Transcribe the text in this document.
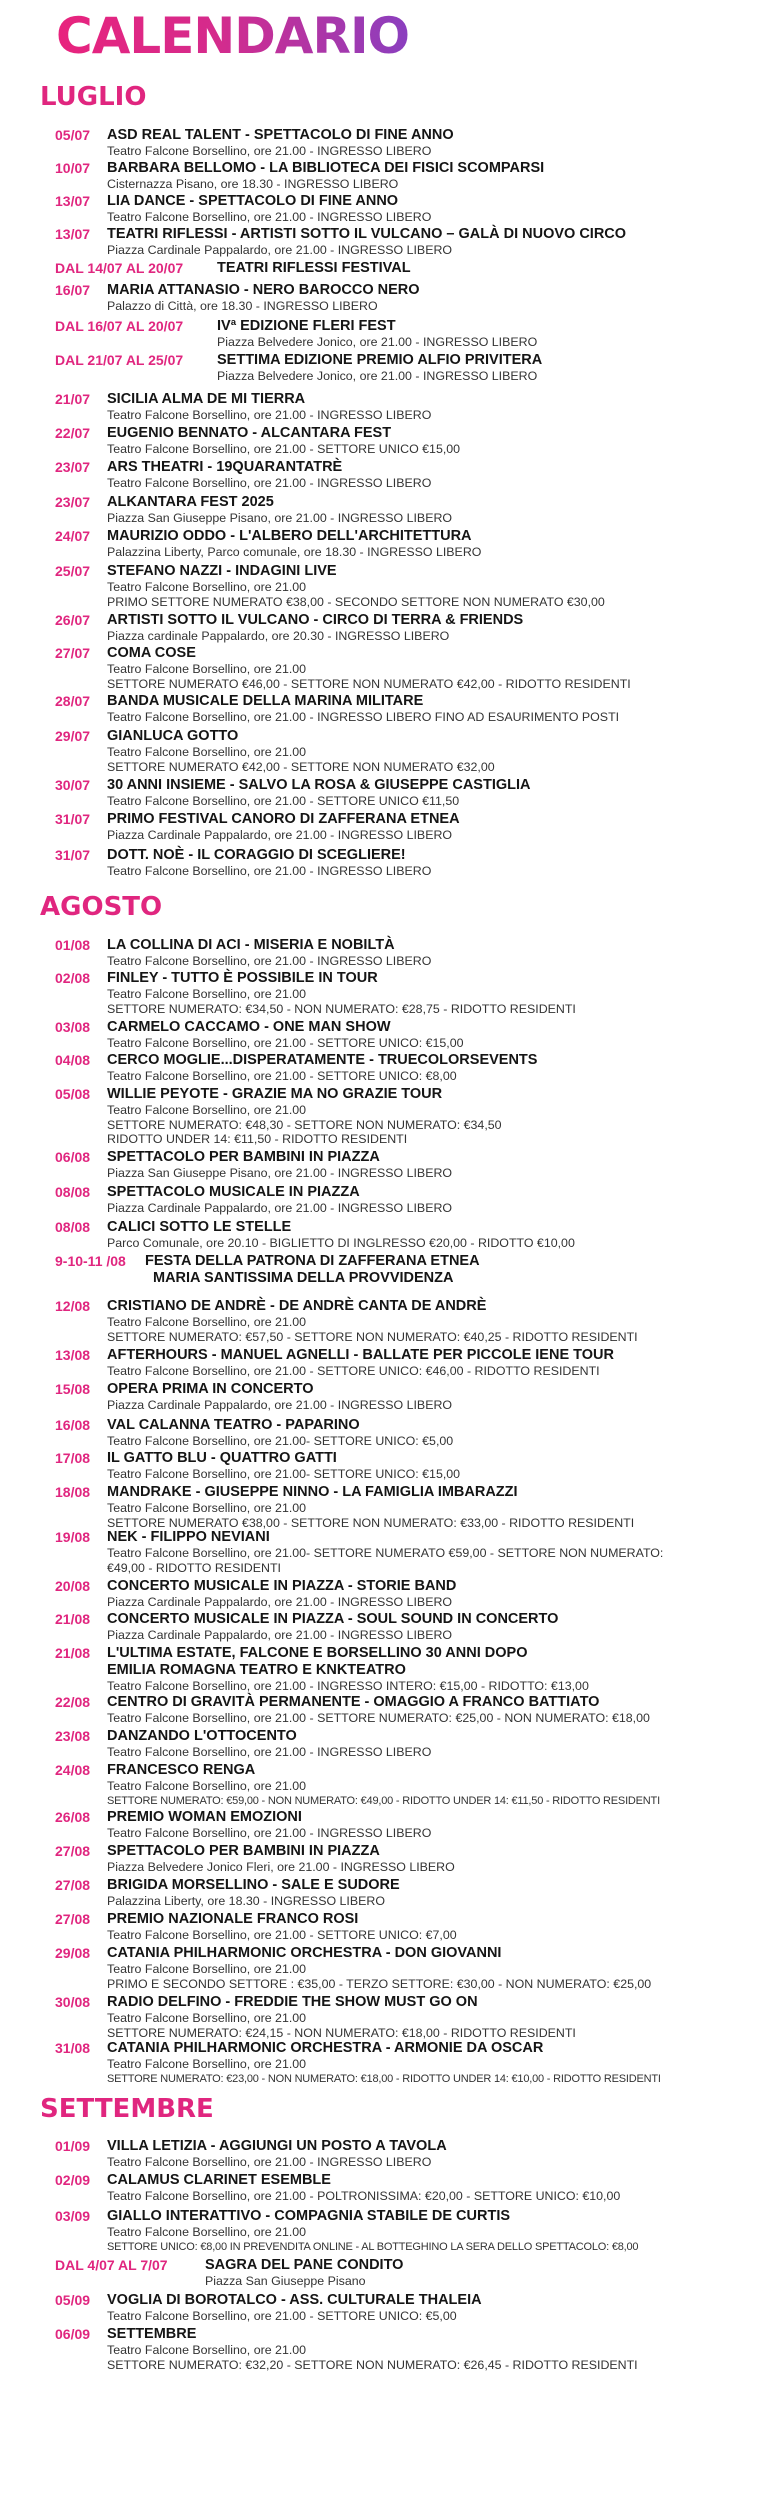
CALENDARIO
LUGLIO
05/07 ASD REAL TALENT - SPETTACOLO DI FINE ANNO
Teatro Falcone Borsellino, ore 21.00 - INGRESSO LIBERO
10/07 BARBARA BELLOMO - LA BIBLIOTECA DEI FISICI SCOMPARSI
Cisternazza Pisano, ore 18.30 - INGRESSO LIBERO
13/07 LIA DANCE - SPETTACOLO DI FINE ANNO
Teatro Falcone Borsellino, ore 21.00 - INGRESSO LIBERO
13/07 TEATRI RIFLESSI - ARTISTI SOTTO IL VULCANO – GALÀ DI NUOVO CIRCO
Piazza Cardinale Pappalardo, ore 21.00 - INGRESSO LIBERO
DAL 14/07 AL 20/07 TEATRI RIFLESSI FESTIVAL
16/07 MARIA ATTANASIO - NERO BAROCCO NERO
Palazzo di Città, ore 18.30 - INGRESSO LIBERO
DAL 16/07 AL 20/07 IVª EDIZIONE FLERI FEST
Piazza Belvedere Jonico, ore 21.00 - INGRESSO LIBERO
DAL 21/07 AL 25/07 SETTIMA EDIZIONE PREMIO ALFIO PRIVITERA
Piazza Belvedere Jonico, ore 21.00 - INGRESSO LIBERO
21/07 SICILIA ALMA DE MI TIERRA
Teatro Falcone Borsellino, ore 21.00 - INGRESSO LIBERO
22/07 EUGENIO BENNATO - ALCANTARA FEST
Teatro Falcone Borsellino, ore 21.00 - SETTORE UNICO €15,00
23/07 ARS THEATRI - 19QUARANTATRÈ
Teatro Falcone Borsellino, ore 21.00 - INGRESSO LIBERO
23/07 ALKANTARA FEST 2025
Piazza San Giuseppe Pisano, ore 21.00 - INGRESSO LIBERO
24/07 MAURIZIO ODDO - L'ALBERO DELL'ARCHITETTURA
Palazzina Liberty, Parco comunale, ore 18.30 - INGRESSO LIBERO
25/07 STEFANO NAZZI - INDAGINI LIVE
Teatro Falcone Borsellino, ore 21.00
PRIMO SETTORE NUMERATO €38,00 - SECONDO SETTORE NON NUMERATO €30,00
26/07 ARTISTI SOTTO IL VULCANO - CIRCO DI TERRA & FRIENDS
Piazza cardinale Pappalardo, ore 20.30 - INGRESSO LIBERO
27/07 COMA COSE
Teatro Falcone Borsellino, ore 21.00
SETTORE NUMERATO €46,00 - SETTORE NON NUMERATO €42,00 - RIDOTTO RESIDENTI
28/07 BANDA MUSICALE DELLA MARINA MILITARE
Teatro Falcone Borsellino, ore 21.00 - INGRESSO LIBERO FINO AD ESAURIMENTO POSTI
29/07 GIANLUCA GOTTO
Teatro Falcone Borsellino, ore 21.00
SETTORE NUMERATO €42,00 - SETTORE NON NUMERATO €32,00
30/07 30 ANNI INSIEME - SALVO LA ROSA & GIUSEPPE CASTIGLIA
Teatro Falcone Borsellino, ore 21.00 - SETTORE UNICO €11,50
31/07 PRIMO FESTIVAL CANORO DI ZAFFERANA ETNEA
Piazza Cardinale Pappalardo, ore 21.00 - INGRESSO LIBERO
31/07 DOTT. NOÈ - IL CORAGGIO DI SCEGLIERE!
Teatro Falcone Borsellino, ore 21.00 - INGRESSO LIBERO
AGOSTO
01/08 LA COLLINA DI ACI - MISERIA E NOBILTÀ
Teatro Falcone Borsellino, ore 21.00 - INGRESSO LIBERO
02/08 FINLEY - TUTTO È POSSIBILE IN TOUR
Teatro Falcone Borsellino, ore 21.00
SETTORE NUMERATO: €34,50 - NON NUMERATO: €28,75 - RIDOTTO RESIDENTI
03/08 CARMELO CACCAMO - ONE MAN SHOW
Teatro Falcone Borsellino, ore 21.00 - SETTORE UNICO: €15,00
04/08 CERCO MOGLIE...DISPERATAMENTE - TRUECOLORSEVENTS
Teatro Falcone Borsellino, ore 21.00 - SETTORE UNICO: €8,00
05/08 WILLIE PEYOTE - GRAZIE MA NO GRAZIE TOUR
Teatro Falcone Borsellino, ore 21.00
SETTORE NUMERATO: €48,30 - SETTORE NON NUMERATO: €34,50
RIDOTTO UNDER 14: €11,50 - RIDOTTO RESIDENTI
06/08 SPETTACOLO PER BAMBINI IN PIAZZA
Piazza San Giuseppe Pisano, ore 21.00 - INGRESSO LIBERO
08/08 SPETTACOLO MUSICALE IN PIAZZA
Piazza Cardinale Pappalardo, ore 21.00 - INGRESSO LIBERO
08/08 CALICI SOTTO LE STELLE
Parco Comunale, ore 20.10 - BIGLIETTO DI INGLRESSO €20,00 - RIDOTTO €10,00
9-10-11 /08 FESTA DELLA PATRONA DI ZAFFERANA ETNEA
MARIA SANTISSIMA DELLA PROVVIDENZA
12/08 CRISTIANO DE ANDRÈ - DE ANDRÈ CANTA DE ANDRÈ
Teatro Falcone Borsellino, ore 21.00
SETTORE NUMERATO: €57,50 - SETTORE NON NUMERATO: €40,25 - RIDOTTO RESIDENTI
13/08 AFTERHOURS - MANUEL AGNELLI - BALLATE PER PICCOLE IENE TOUR
Teatro Falcone Borsellino, ore 21.00 - SETTORE UNICO: €46,00 - RIDOTTO RESIDENTI
15/08 OPERA PRIMA IN CONCERTO
Piazza Cardinale Pappalardo, ore 21.00 - INGRESSO LIBERO
16/08 VAL CALANNA TEATRO - PAPARINO
Teatro Falcone Borsellino, ore 21.00- SETTORE UNICO: €5,00
17/08 IL GATTO BLU - QUATTRO GATTI
Teatro Falcone Borsellino, ore 21.00- SETTORE UNICO: €15,00
18/08 MANDRAKE - GIUSEPPE NINNO - LA FAMIGLIA IMBARAZZI
Teatro Falcone Borsellino, ore 21.00
SETTORE NUMERATO €38,00 - SETTORE NON NUMERATO: €33,00 - RIDOTTO RESIDENTI
19/08 NEK - FILIPPO NEVIANI
Teatro Falcone Borsellino, ore 21.00- SETTORE NUMERATO €59,00 - SETTORE NON NUMERATO:
€49,00 - RIDOTTO RESIDENTI
20/08 CONCERTO MUSICALE IN PIAZZA - STORIE BAND
Piazza Cardinale Pappalardo, ore 21.00 - INGRESSO LIBERO
21/08 CONCERTO MUSICALE IN PIAZZA - SOUL SOUND IN CONCERTO
Piazza Cardinale Pappalardo, ore 21.00 - INGRESSO LIBERO
21/08 L'ULTIMA ESTATE, FALCONE E BORSELLINO 30 ANNI DOPO
EMILIA ROMAGNA TEATRO E KNKTEATRO
Teatro Falcone Borsellino, ore 21.00 - INGRESSO INTERO: €15,00 - RIDOTTO: €13,00
22/08 CENTRO DI GRAVITÀ PERMANENTE - OMAGGIO A FRANCO BATTIATO
Teatro Falcone Borsellino, ore 21.00 - SETTORE NUMERATO: €25,00 - NON NUMERATO: €18,00
23/08 DANZANDO L'OTTOCENTO
Teatro Falcone Borsellino, ore 21.00 - INGRESSO LIBERO
24/08 FRANCESCO RENGA
Teatro Falcone Borsellino, ore 21.00
SETTORE NUMERATO: €59,00 - NON NUMERATO: €49,00 - RIDOTTO UNDER 14: €11,50 - RIDOTTO RESIDENTI
26/08 PREMIO WOMAN EMOZIONI
Teatro Falcone Borsellino, ore 21.00 - INGRESSO LIBERO
27/08 SPETTACOLO PER BAMBINI IN PIAZZA
Piazza Belvedere Jonico Fleri, ore 21.00 - INGRESSO LIBERO
27/08 BRIGIDA MORSELLINO - SALE E SUDORE
Palazzina Liberty, ore 18.30 - INGRESSO LIBERO
27/08 PREMIO NAZIONALE FRANCO ROSI
Teatro Falcone Borsellino, ore 21.00 - SETTORE UNICO: €7,00
29/08 CATANIA PHILHARMONIC ORCHESTRA - DON GIOVANNI
Teatro Falcone Borsellino, ore 21.00
PRIMO E SECONDO SETTORE : €35,00 - TERZO SETTORE: €30,00 - NON NUMERATO: €25,00
30/08 RADIO DELFINO - FREDDIE THE SHOW MUST GO ON
Teatro Falcone Borsellino, ore 21.00
SETTORE NUMERATO: €24,15 - NON NUMERATO: €18,00 - RIDOTTO RESIDENTI
31/08 CATANIA PHILHARMONIC ORCHESTRA - ARMONIE DA OSCAR
Teatro Falcone Borsellino, ore 21.00
SETTORE NUMERATO: €23,00 - NON NUMERATO: €18,00 - RIDOTTO UNDER 14: €10,00 - RIDOTTO RESIDENTI
SETTEMBRE
01/09 VILLA LETIZIA - AGGIUNGI UN POSTO A TAVOLA
Teatro Falcone Borsellino, ore 21.00 - INGRESSO LIBERO
02/09 CALAMUS CLARINET ESEMBLE
Teatro Falcone Borsellino, ore 21.00 - POLTRONISSIMA: €20,00 - SETTORE UNICO: €10,00
03/09 GIALLO INTERATTIVO - COMPAGNIA STABILE DE CURTIS
Teatro Falcone Borsellino, ore 21.00
SETTORE UNICO: €8,00 IN PREVENDITA ONLINE - AL BOTTEGHINO LA SERA DELLO SPETTACOLO: €8,00
DAL 4/07 AL 7/07	SAGRA DEL PANE CONDITO
Piazza San Giuseppe Pisano
05/09 VOGLIA DI BOROTALCO - ASS. CULTURALE THALEIA
Teatro Falcone Borsellino, ore 21.00 - SETTORE UNICO: €5,00
06/09 SETTEMBRE
Teatro Falcone Borsellino, ore 21.00
SETTORE NUMERATO: €32,20 - SETTORE NON NUMERATO: €26,45 - RIDOTTO RESIDENTI
